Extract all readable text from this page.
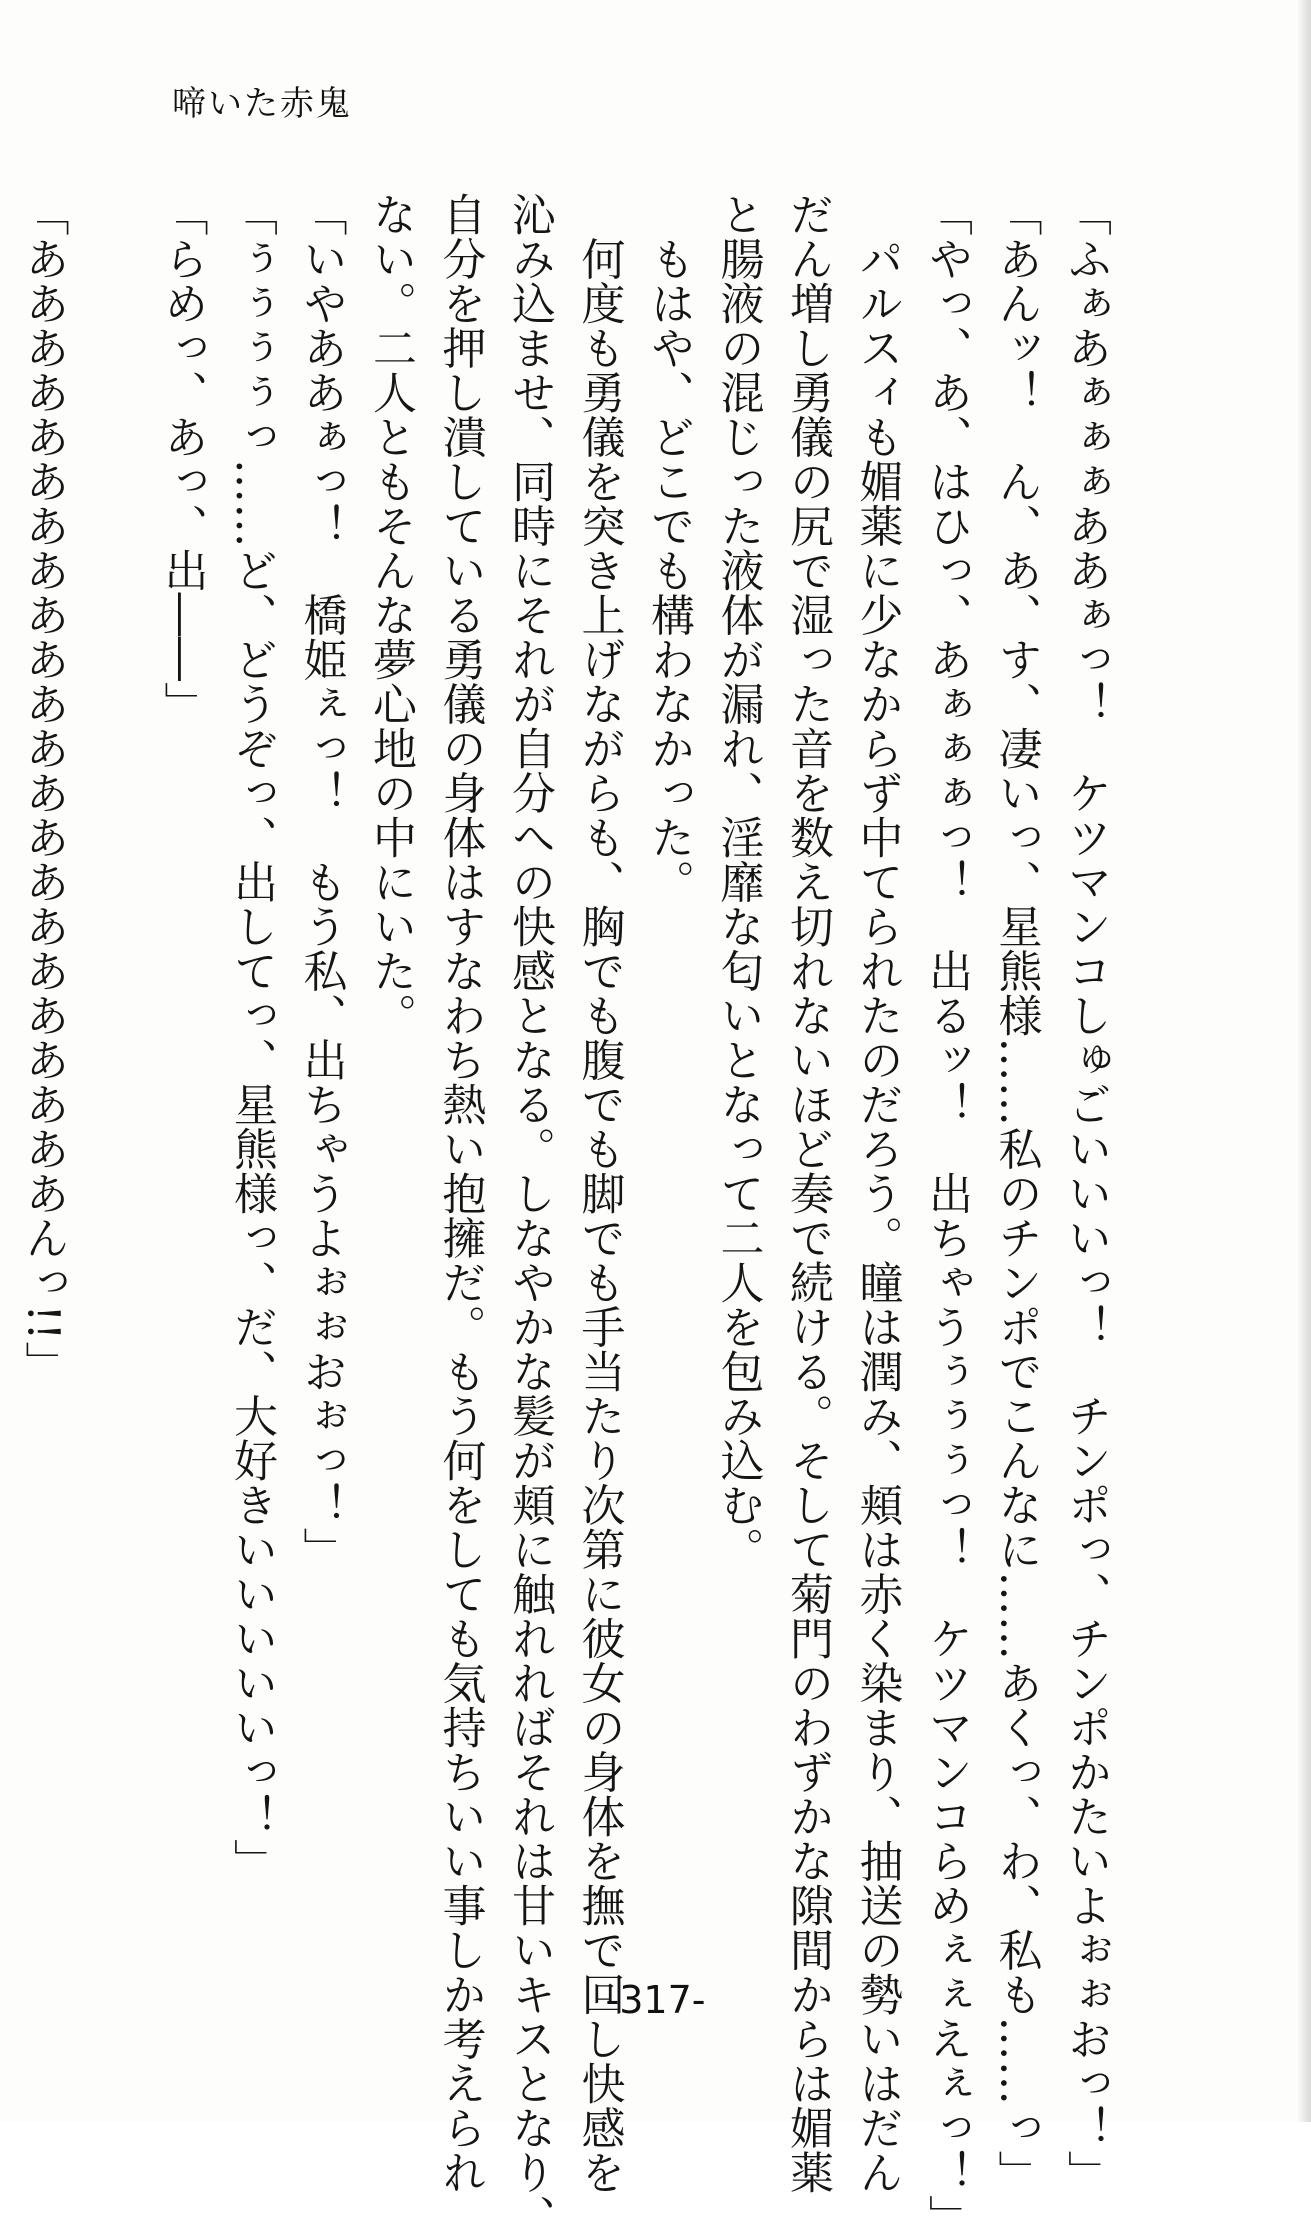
啼いた赤鬼
「ふぁあぁぁぁああぁっ！　ケツマンコしゅごいいいっ！　チンポっ、チンポかたいよぉぉおっ！」
「あんッ！　ん、あ、す、凄いっ、星熊様……私のチンポでこんなに……あくっ、わ、私も……っ」
「やっ、あ、はひっ、あぁぁぁっ！　出るッ！　出ちゃうぅぅぅっ！　ケツマンコらめぇぇえぇっ！」
　パルスィも媚薬に少なからず中てられたのだろう。瞳は潤み、頬は赤く染まり、抽送の勢いはだん
だん増し勇儀の尻で湿った音を数え切れないほど奏で続ける。そして菊門のわずかな隙間からは媚薬
と腸液の混じった液体が漏れ、淫靡な匂いとなって二人を包み込む。
　もはや、どこでも構わなかった。
　何度も勇儀を突き上げながらも、胸でも腹でも脚でも手当たり次第に彼女の身体を撫で回し快感を
沁み込ませ、同時にそれが自分への快感となる。しなやかな髪が頬に触れればそれは甘いキスとなり、
自分を押し潰している勇儀の身体はすなわち熱い抱擁だ。もう何をしても気持ちいい事しか考えられ
ない。二人ともそんな夢心地の中にいた。
「いやああぁっ！　橋姫ぇっ！　もう私、出ちゃうよぉぉおぉっ！」
「ぅぅぅぅっ……ど、どうぞっ、出してっ、星熊様っ、だ、大好きいいいいいっ！」
「らめっ、あっ、出――」

「ああああああああああああああああああああああんっ!!」
-317-
